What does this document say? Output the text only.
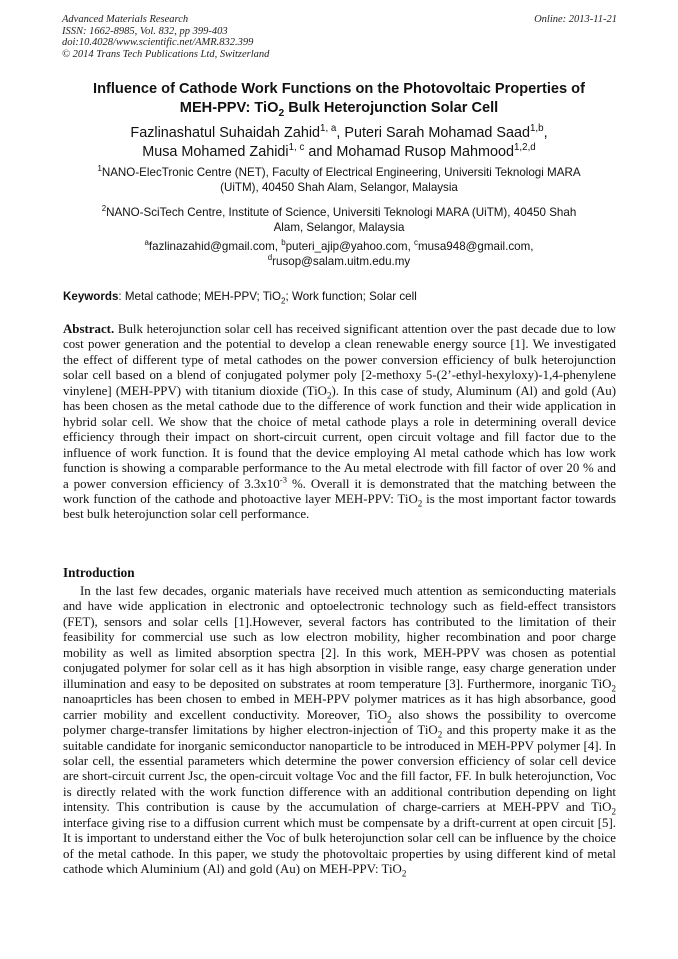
Advanced Materials Research
ISSN: 1662-8985, Vol. 832, pp 399-403
doi:10.4028/www.scientific.net/AMR.832.399
© 2014 Trans Tech Publications Ltd, Switzerland
Online: 2013-11-21
Influence of Cathode Work Functions on the Photovoltaic Properties of
MEH-PPV: TiO$_2$ Bulk Heterojunction Solar Cell
Fazlinashatul Suhaidah Zahid$^{1, a}$, Puteri Sarah Mohamad Saad$^{1,b}$,
Musa Mohamed Zahidi$^{1, c}$ and Mohamad Rusop Mahmood$^{1,2,d}$
$^1$NANO-ElecTronic Centre (NET), Faculty of Electrical Engineering, Universiti Teknologi MARA
(UiTM), 40450 Shah Alam, Selangor, Malaysia
$^2$NANO-SciTech Centre, Institute of Science, Universiti Teknologi MARA (UiTM), 40450 Shah
Alam, Selangor, Malaysia
$^a$fazlinazahid@gmail.com, $^b$puteri_ajip@yahoo.com, $^c$musa948@gmail.com,
$^d$rusop@salam.uitm.edu.my
Keywords: Metal cathode; MEH-PPV; TiO$_2$; Work function; Solar cell
Abstract. Bulk heterojunction solar cell has received significant attention over the past decade due to low cost power generation and the potential to develop a clean renewable energy source [1]. We investigated the effect of different type of metal cathodes on the power conversion efficiency of bulk heterojunction solar cell based on a blend of conjugated polymer poly [2-methoxy 5-(2’-ethyl-hexyloxy)-1,4-phenylene vinylene] (MEH-PPV) with titanium dioxide (TiO$_2$). In this case of study, Aluminum (Al) and gold (Au) has been chosen as the metal cathode due to the difference of work function and their wide application in hybrid solar cell. We show that the choice of metal cathode plays a role in determining overall device efficiency through their impact on short-circuit current, open circuit voltage and fill factor due to the influence of work function. It is found that the device employing Al metal cathode which has low work function is showing a comparable performance to the Au metal electrode with fill factor of over 20 % and a power conversion efficiency of $3.3x10^{-3}$ %. Overall it is demonstrated that the matching between the work function of the cathode and photoactive layer MEH-PPV: TiO$_2$ is the most important factor towards best bulk heterojunction solar cell performance.
Introduction
In the last few decades, organic materials have received much attention as semiconducting materials and have wide application in electronic and optoelectronic technology such as field-effect transistors (FET), sensors and solar cells [1].However, several factors has contributed to the limitation of their feasibility for commercial use such as low electron mobility, higher recombination and poor charge mobility as well as limited absorption spectra [2]. In this work, MEH-PPV was chosen as potential conjugated polymer for solar cell as it has high absorption in visible range, easy charge generation under illumination and easy to be deposited on substrates at room temperature [3]. Furthermore, inorganic TiO$_2$ nanoaprticles has been chosen to embed in MEH-PPV polymer matrices as it has high absorbance, good carrier mobility and excellent conductivity. Moreover, TiO$_2$ also shows the possibility to overcome polymer charge-transfer limitations by higher electron-injection of TiO$_2$ and this property make it as the suitable candidate for inorganic semiconductor nanoparticle to be introduced in MEH-PPV polymer [4]. In solar cell, the essential parameters which determine the power conversion efficiency of solar cell device are short-circuit current Jsc, the open-circuit voltage Voc and the fill factor, FF. In bulk heterojunction, Voc is directly related with the work function difference with an additional contribution depending on light intensity. This contribution is cause by the accumulation of charge-carriers at MEH-PPV and TiO$_2$ interface giving rise to a diffusion current which must be compensate by a drift-current at open circuit [5]. It is important to understand either the Voc of bulk heterojunction solar cell can be influence by the choice of the metal cathode. In this paper, we study the photovoltaic properties by using different kind of metal cathode which Aluminium (Al) and gold (Au) on MEH-PPV: TiO$_2$
